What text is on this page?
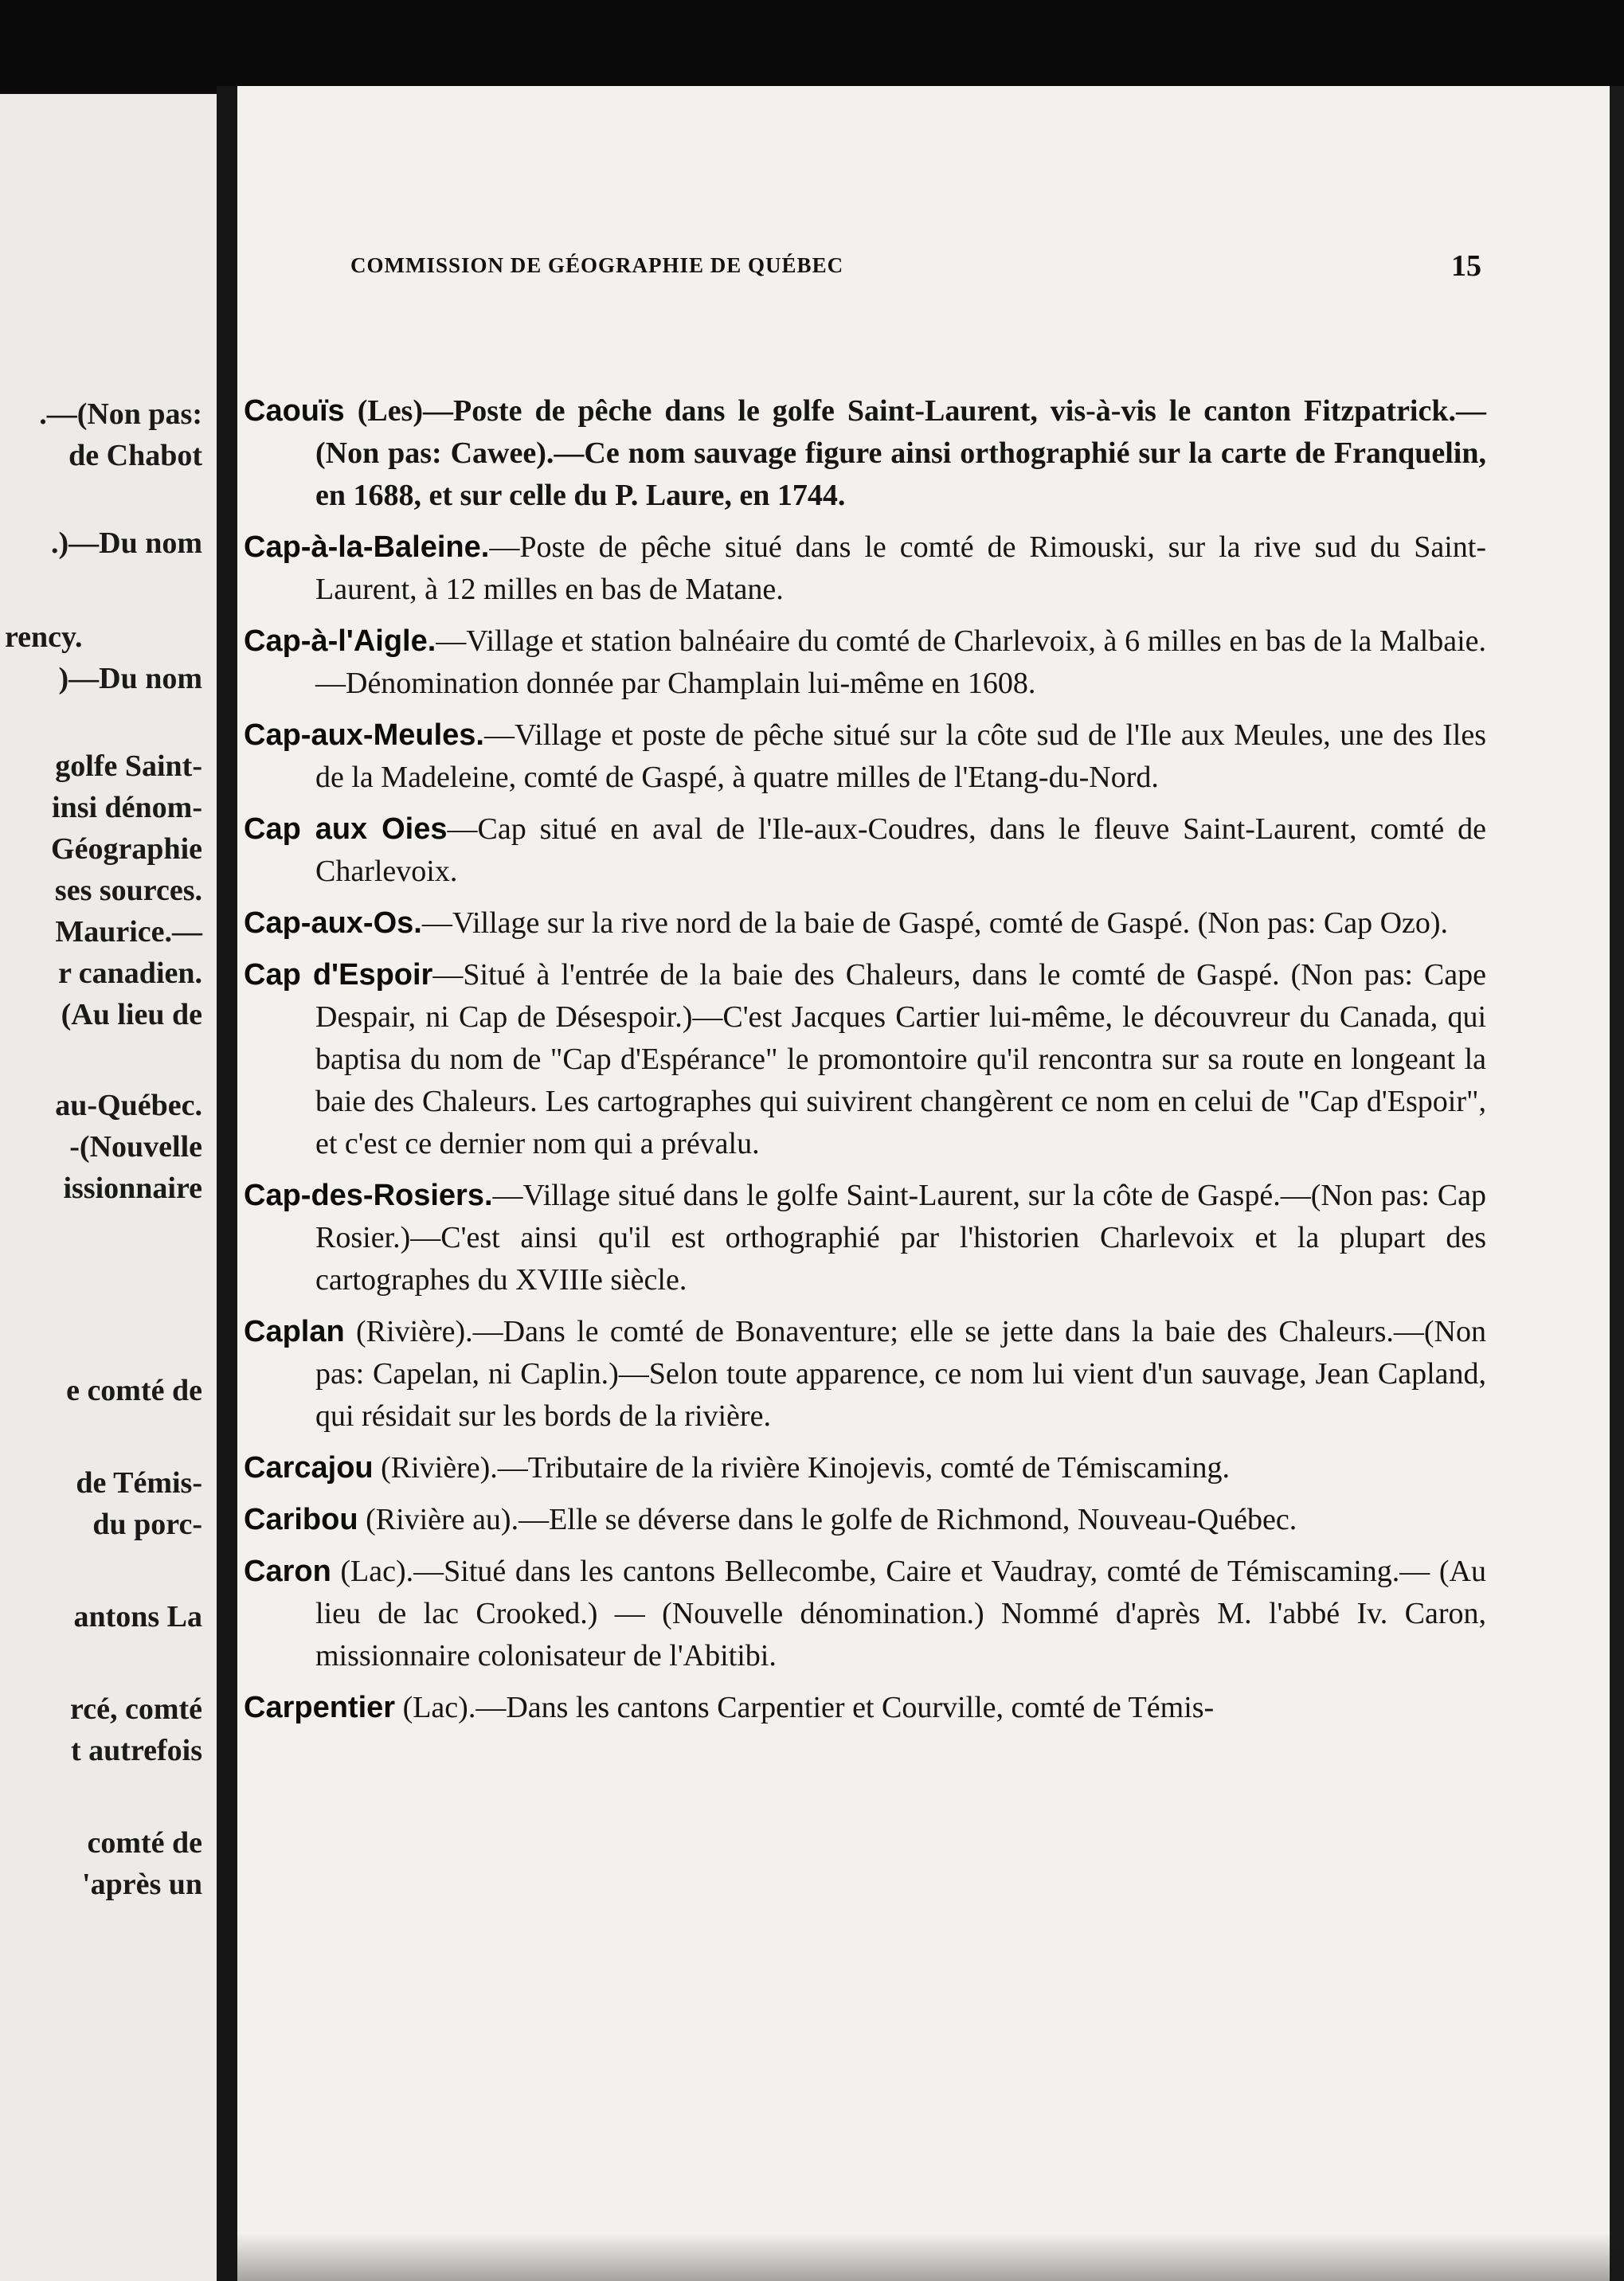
.—(Non pas:
de Chabot
.)—Du nom
rency.
)—Du nom
golfe Saint-
insi dénom-
Géographie
ses sources.
Maurice.—
r canadien.
(Au lieu de
au-Québec.
-(Nouvelle
issionnaire
e comté de
de Témis-
du porc-
antons La
rcé, comté
t autrefois
comté de
'après un
COMMISSION DE GÉOGRAPHIE DE QUÉBEC	15
Caouïs (Les)—Poste de pêche dans le golfe Saint-Laurent, vis-à-vis le canton Fitzpatrick.—(Non pas: Cawee).—Ce nom sauvage figure ainsi orthographié sur la carte de Franquelin, en 1688, et sur celle du P. Laure, en 1744.
Cap-à-la-Baleine.—Poste de pêche situé dans le comté de Rimouski, sur la rive sud du Saint-Laurent, à 12 milles en bas de Matane.
Cap-à-l'Aigle.—Village et station balnéaire du comté de Charlevoix, à 6 milles en bas de la Malbaie.—Dénomination donnée par Champlain lui-même en 1608.
Cap-aux-Meules.—Village et poste de pêche situé sur la côte sud de l'Ile aux Meules, une des Iles de la Madeleine, comté de Gaspé, à quatre milles de l'Etang-du-Nord.
Cap aux Oies—Cap situé en aval de l'Ile-aux-Coudres, dans le fleuve Saint-Laurent, comté de Charlevoix.
Cap-aux-Os.—Village sur la rive nord de la baie de Gaspé, comté de Gaspé. (Non pas: Cap Ozo).
Cap d'Espoir—Situé à l'entrée de la baie des Chaleurs, dans le comté de Gaspé. (Non pas: Cape Despair, ni Cap de Désespoir.)—C'est Jacques Cartier lui-même, le découvreur du Canada, qui baptisa du nom de "Cap d'Espérance" le promontoire qu'il rencontra sur sa route en longeant la baie des Chaleurs. Les cartographes qui suivirent changèrent ce nom en celui de "Cap d'Espoir", et c'est ce dernier nom qui a prévalu.
Cap-des-Rosiers.—Village situé dans le golfe Saint-Laurent, sur la côte de Gaspé.—(Non pas: Cap Rosier.)—C'est ainsi qu'il est orthographié par l'historien Charlevoix et la plupart des cartographes du XVIIIe siècle.
Caplan (Rivière).—Dans le comté de Bonaventure; elle se jette dans la baie des Chaleurs.—(Non pas: Capelan, ni Caplin.)—Selon toute apparence, ce nom lui vient d'un sauvage, Jean Capland, qui résidait sur les bords de la rivière.
Carcajou (Rivière).—Tributaire de la rivière Kinojevis, comté de Témiscaming.
Caribou (Rivière au).—Elle se déverse dans le golfe de Richmond, Nouveau-Québec.
Caron (Lac).—Situé dans les cantons Bellecombe, Caire et Vaudray, comté de Témiscaming.— (Au lieu de lac Crooked.) — (Nouvelle dénomination.) Nommé d'après M. l'abbé Iv. Caron, missionnaire colonisateur de l'Abitibi.
Carpentier (Lac).—Dans les cantons Carpentier et Courville, comté de Témis-
